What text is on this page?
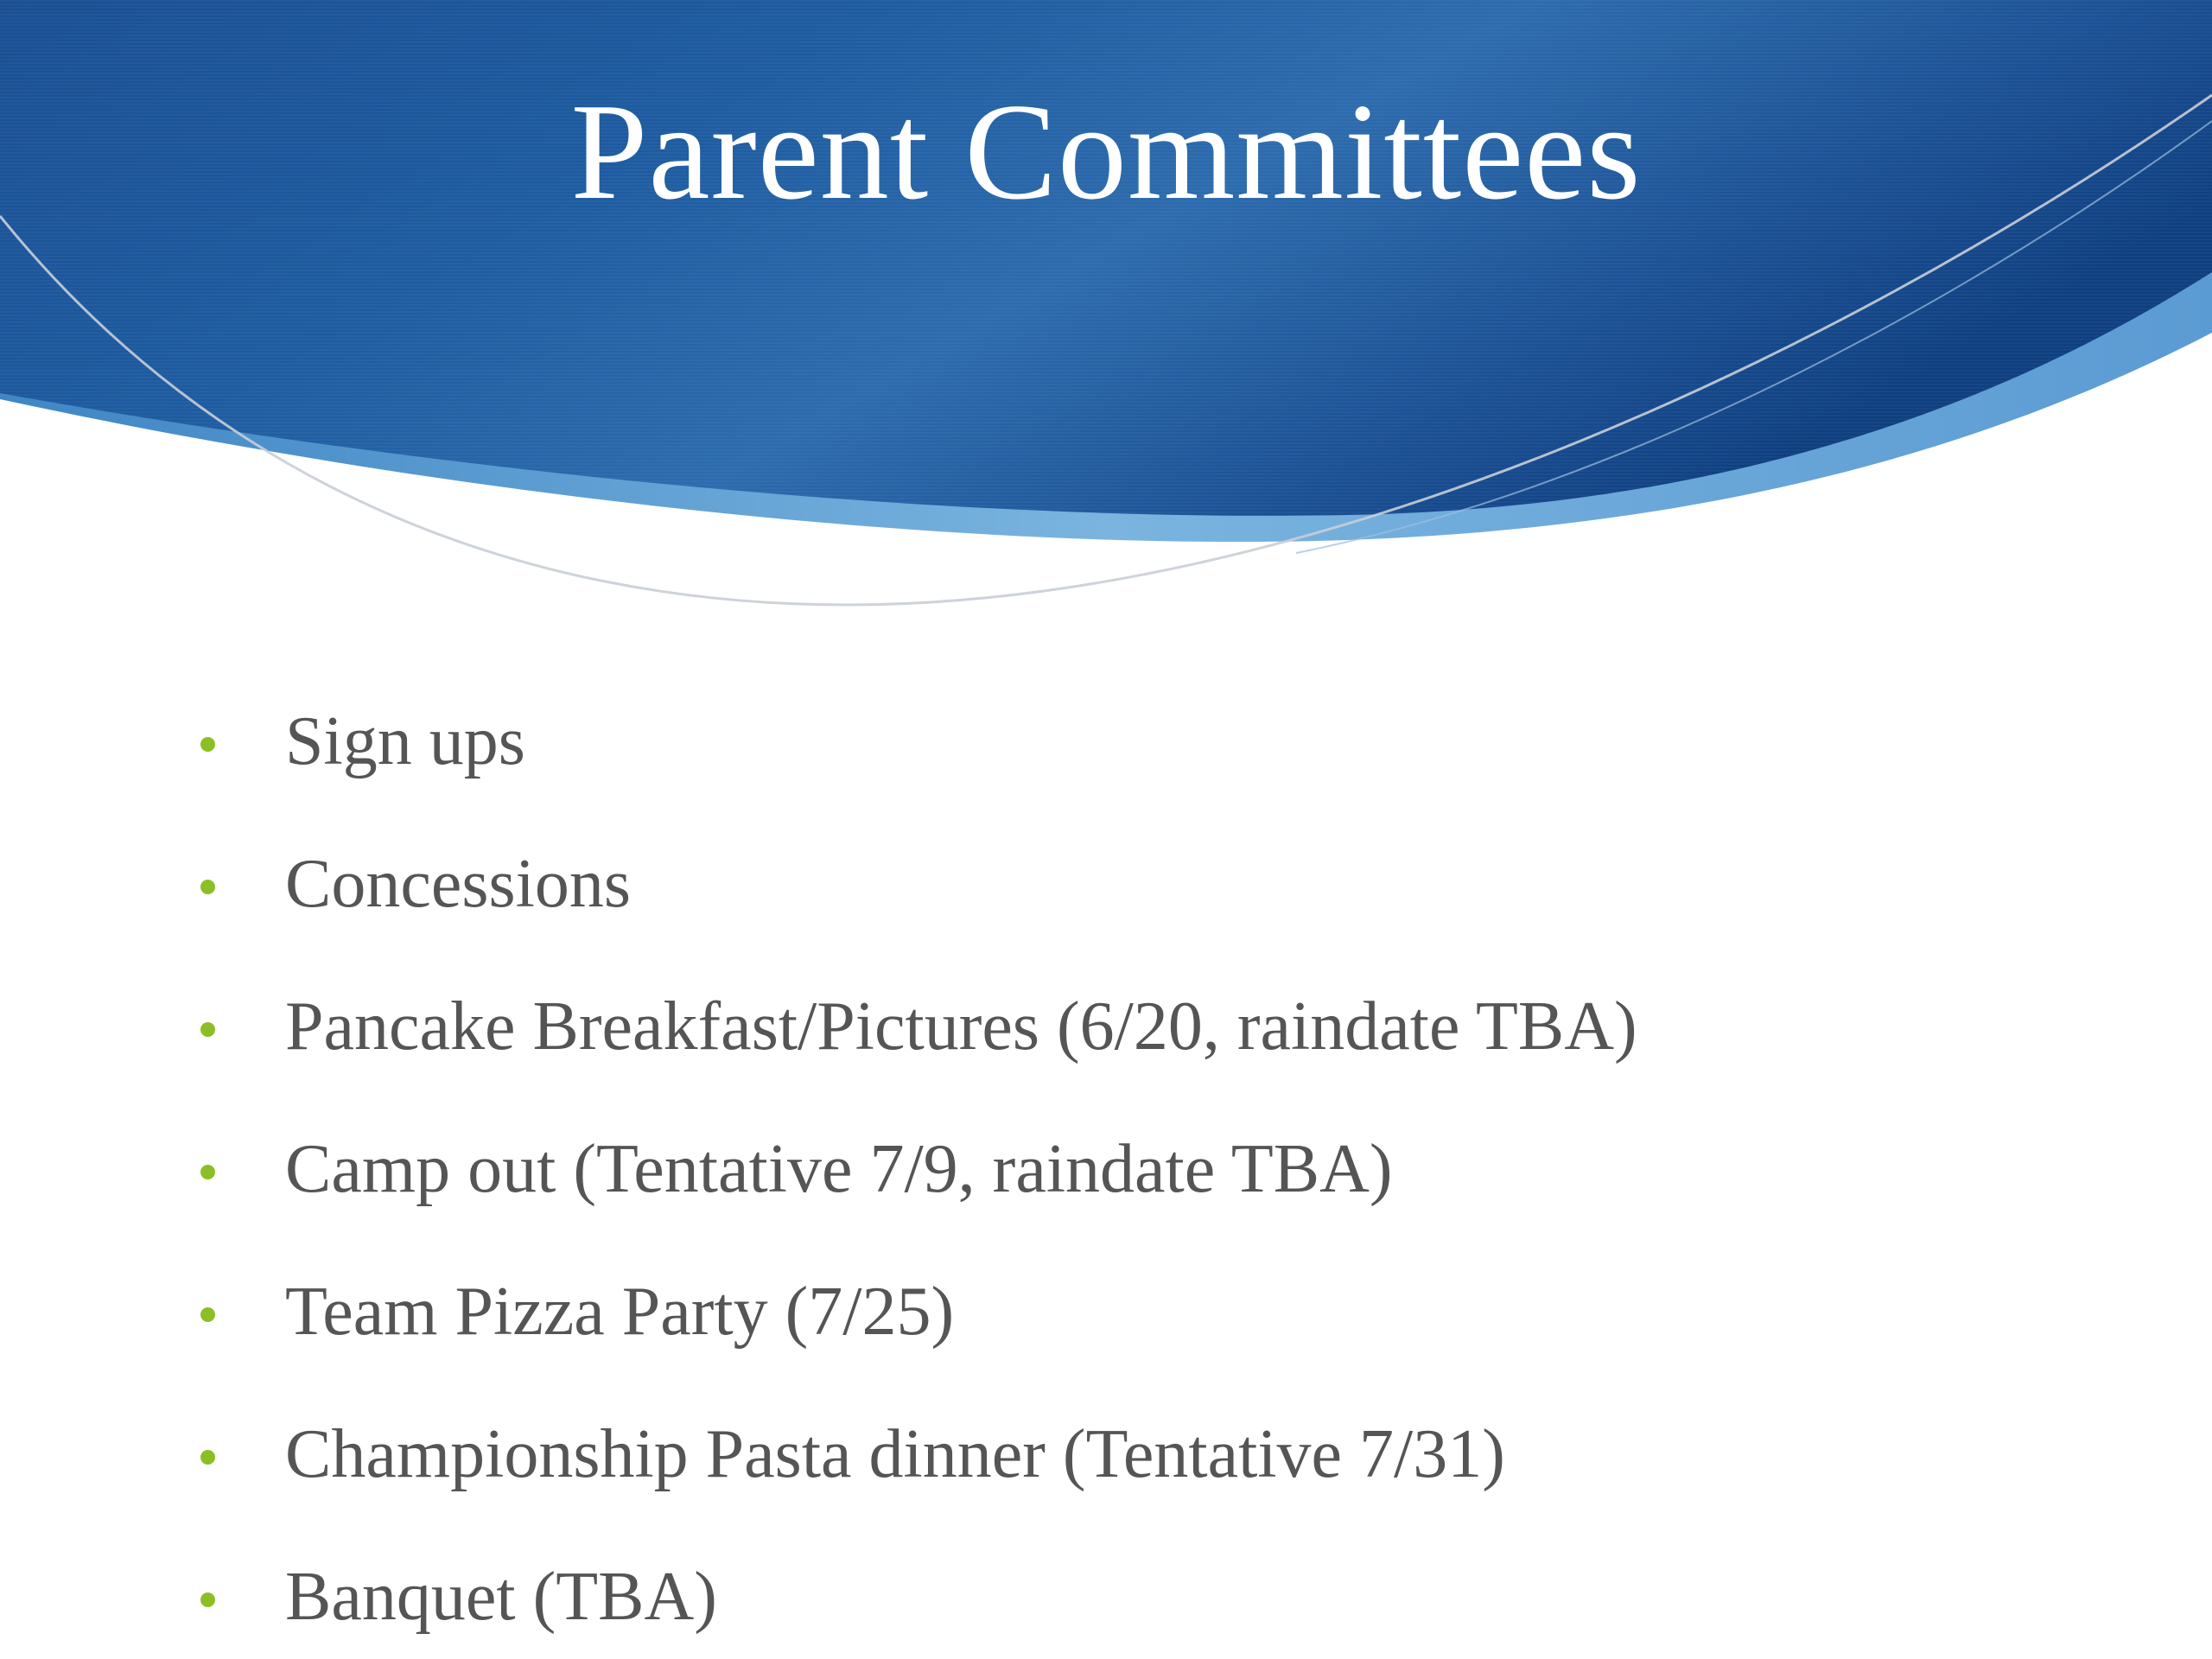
Parent Committees
Sign ups
Concessions
Pancake Breakfast/Pictures (6/20, raindate TBA)
Camp out (Tentative 7/9, raindate TBA)
Team Pizza Party (7/25)
Championship Pasta dinner (Tentative 7/31)
Banquet (TBA)
